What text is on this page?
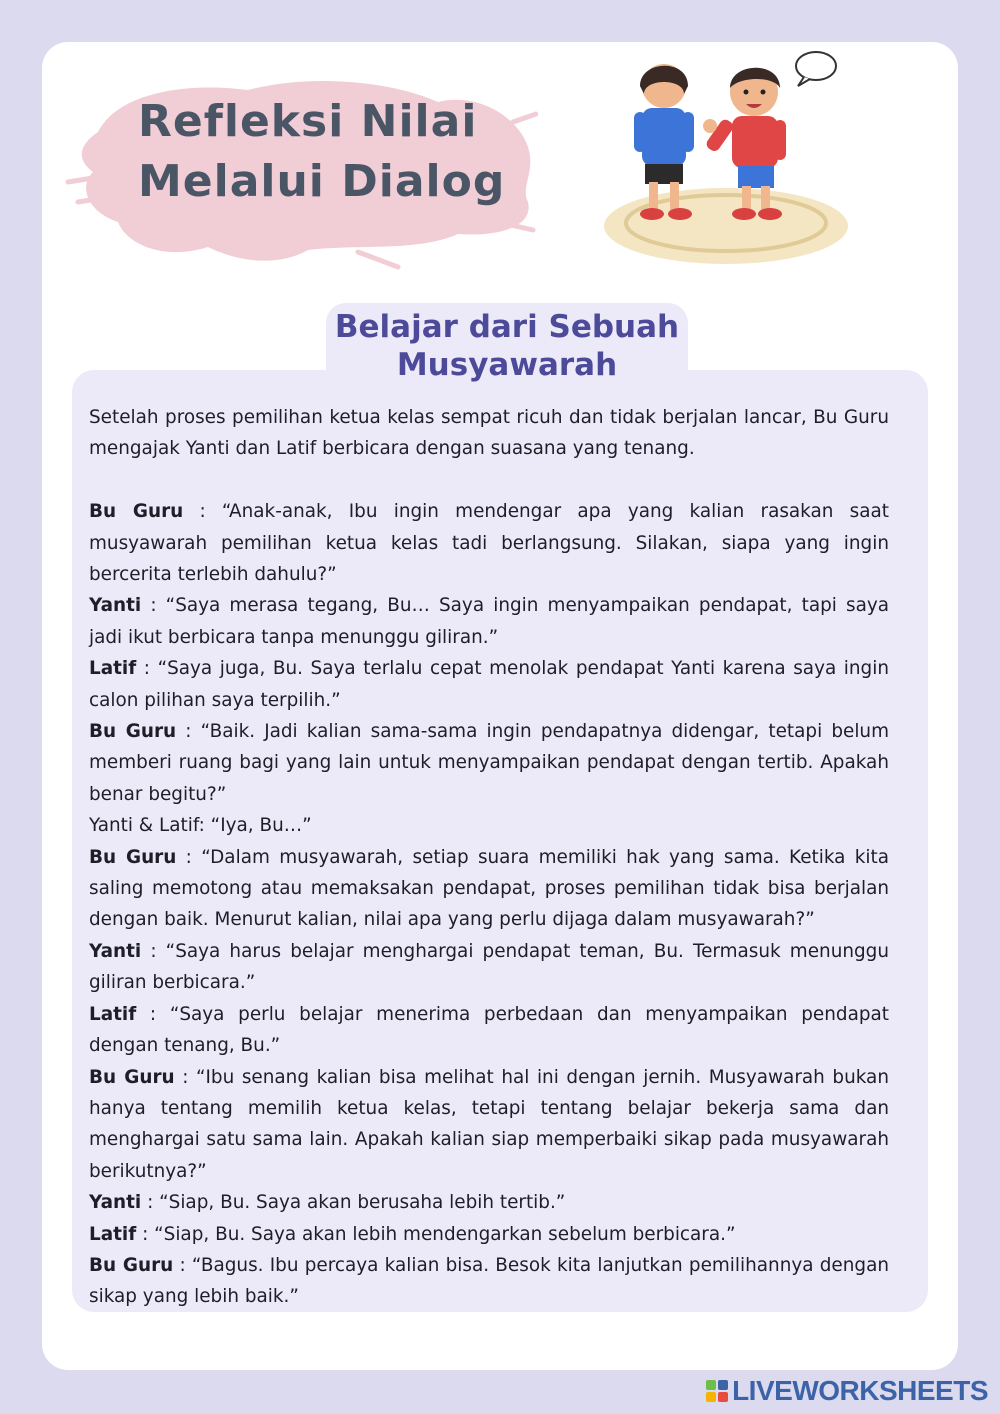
Refleksi Nilai
Melalui Dialog
Belajar dari Sebuah
Musyawarah

Setelah proses pemilihan ketua kelas sempat ricuh dan tidak berjalan lancar, Bu Guru mengajak Yanti dan Latif berbicara dengan suasana yang tenang.

Bu Guru : “Anak-anak, Ibu ingin mendengar apa yang kalian rasakan saat musyawarah pemilihan ketua kelas tadi berlangsung. Silakan, siapa yang ingin bercerita terlebih dahulu?”

Yanti : “Saya merasa tegang, Bu… Saya ingin menyampaikan pendapat, tapi saya jadi ikut berbicara tanpa menunggu giliran.”

Latif : “Saya juga, Bu. Saya terlalu cepat menolak pendapat Yanti karena saya ingin calon pilihan saya terpilih.”

Bu Guru : “Baik. Jadi kalian sama-sama ingin pendapatnya didengar, tetapi belum memberi ruang bagi yang lain untuk menyampaikan pendapat dengan tertib. Apakah benar begitu?”

Yanti & Latif: “Iya, Bu…”

Bu Guru : “Dalam musyawarah, setiap suara memiliki hak yang sama. Ketika kita saling memotong atau memaksakan pendapat, proses pemilihan tidak bisa berjalan dengan baik. Menurut kalian, nilai apa yang perlu dijaga dalam musyawarah?”

Yanti : “Saya harus belajar menghargai pendapat teman, Bu. Termasuk menunggu giliran berbicara.”

Latif : “Saya perlu belajar menerima perbedaan dan menyampaikan pendapat dengan tenang, Bu.”

Bu Guru : “Ibu senang kalian bisa melihat hal ini dengan jernih. Musyawarah bukan hanya tentang memilih ketua kelas, tetapi tentang belajar bekerja sama dan menghargai satu sama lain. Apakah kalian siap memperbaiki sikap pada musyawarah berikutnya?”

Yanti : “Siap, Bu. Saya akan berusaha lebih tertib.”

Latif : “Siap, Bu. Saya akan lebih mendengarkan sebelum berbicara.”

Bu Guru : “Bagus. Ibu percaya kalian bisa. Besok kita lanjutkan pemilihannya dengan sikap yang lebih baik.”

LIVEWORKSHEETS
